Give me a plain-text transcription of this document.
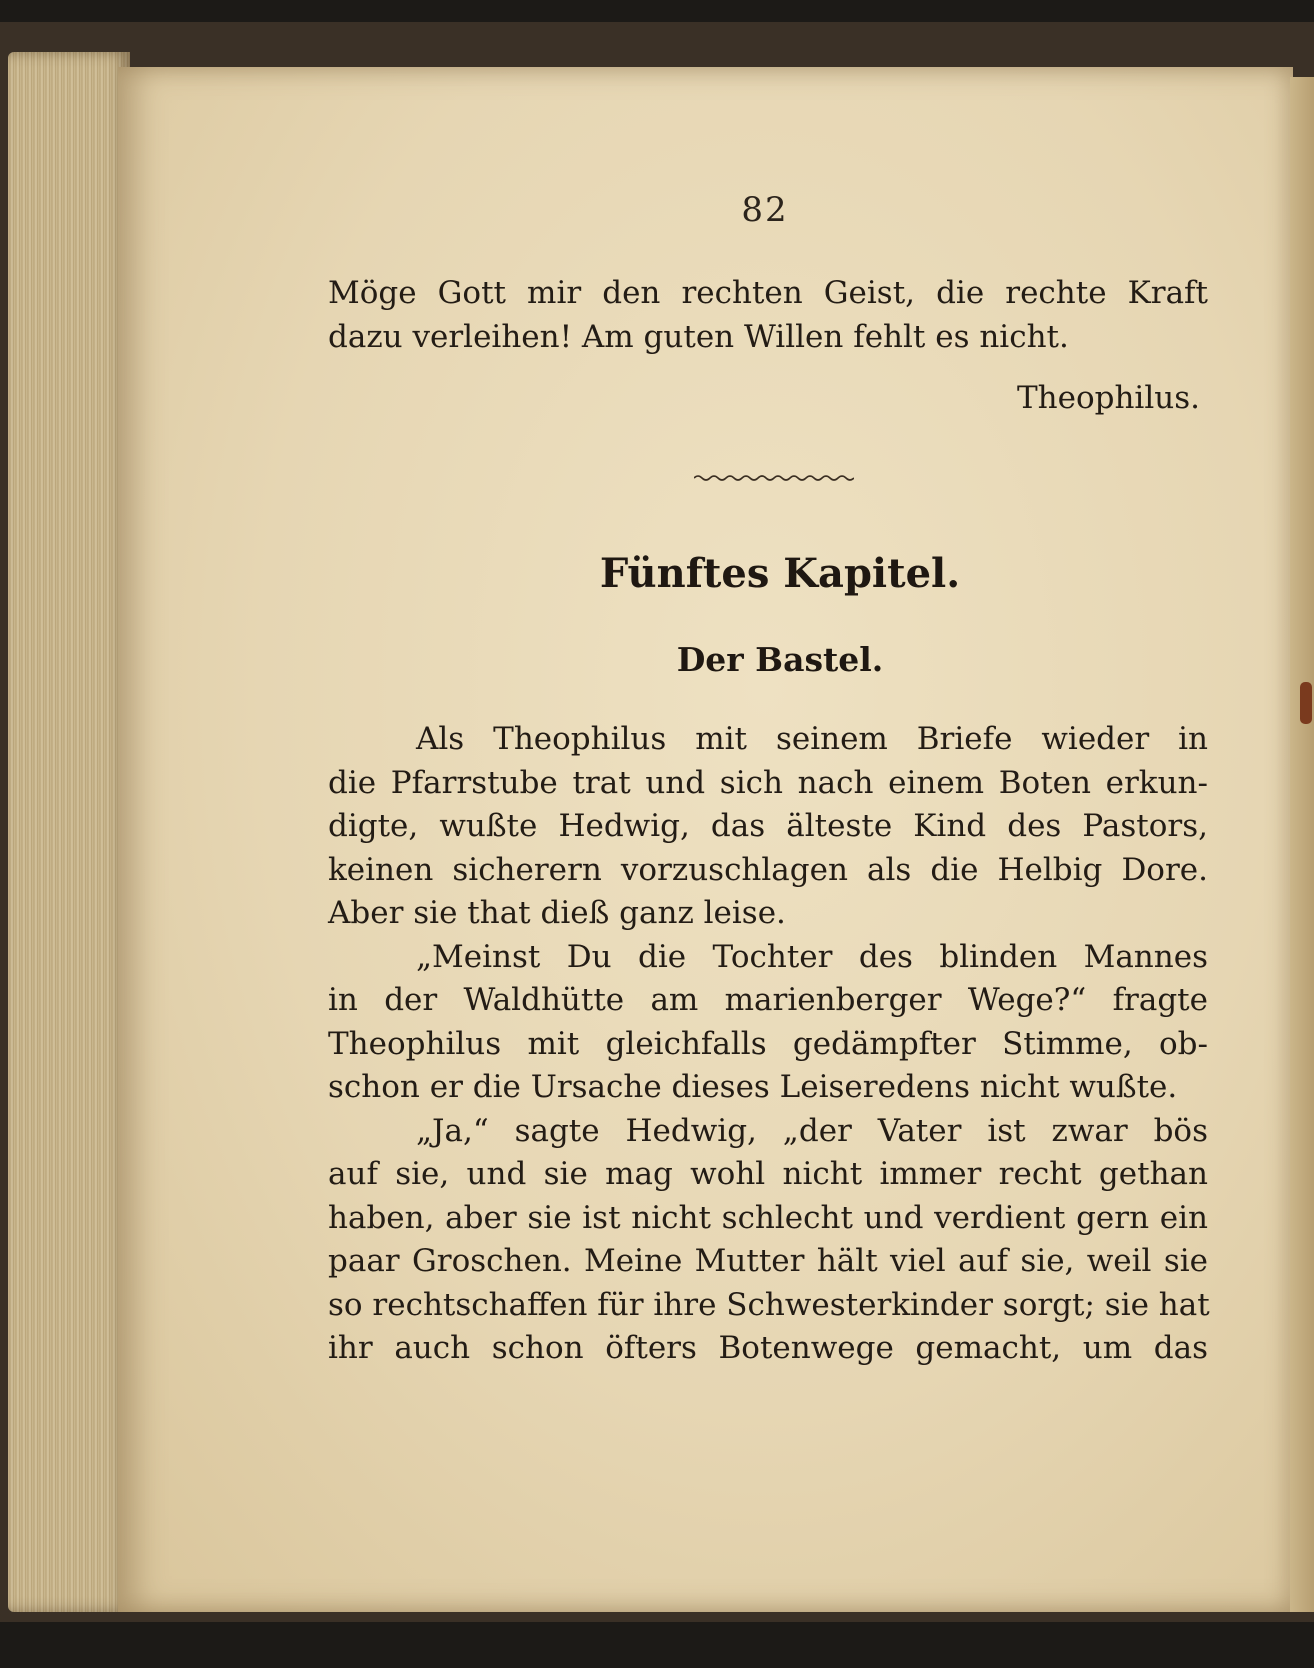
82
Möge Gott mir den rechten Geist, die rechte Kraft
dazu verleihen! Am guten Willen fehlt es nicht.
Theophilus.
Fünftes Kapitel.
Der Bastel.
Als Theophilus mit seinem Briefe wieder in
die Pfarrstube trat und sich nach einem Boten erkun-
digte, wußte Hedwig, das älteste Kind des Pastors,
keinen sicherern vorzuschlagen als die Helbig Dore.
Aber sie that dieß ganz leise.
„Meinst Du die Tochter des blinden Mannes
in der Waldhütte am marienberger Wege?“ fragte
Theophilus mit gleichfalls gedämpfter Stimme, ob-
schon er die Ursache dieses Leiseredens nicht wußte.
„Ja,“ sagte Hedwig, „der Vater ist zwar bös
auf sie, und sie mag wohl nicht immer recht gethan
haben, aber sie ist nicht schlecht und verdient gern ein
paar Groschen. Meine Mutter hält viel auf sie, weil sie
so rechtschaffen für ihre Schwesterkinder sorgt; sie hat
ihr auch schon öfters Botenwege gemacht, um das
